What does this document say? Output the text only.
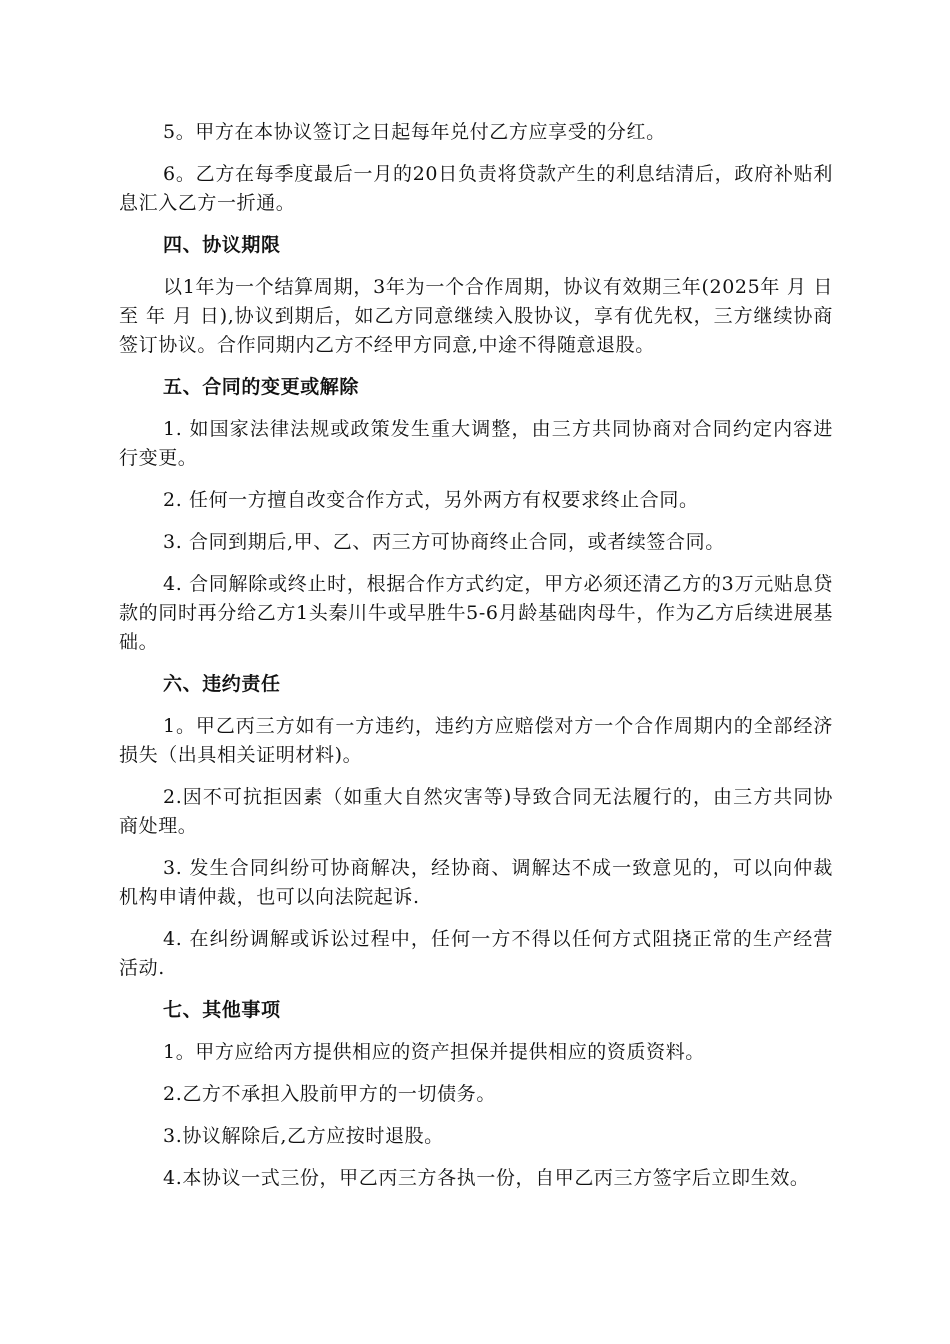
5。甲方在本协议签订之日起每年兑付乙方应享受的分红。

6。乙方在每季度最后一月的20日负责将贷款产生的利息结清后，政府补贴利息汇入乙方一折通。

四、协议期限

以1年为一个结算周期，3年为一个合作周期，协议有效期三年(2025年 月 日至 年 月 日),协议到期后，如乙方同意继续入股协议，享有优先权，三方继续协商签订协议。合作同期内乙方不经甲方同意,中途不得随意退股。

五、合同的变更或解除

1. 如国家法律法规或政策发生重大调整，由三方共同协商对合同约定内容进行变更。

2. 任何一方擅自改变合作方式，另外两方有权要求终止合同。

3. 合同到期后,甲、乙、丙三方可协商终止合同，或者续签合同。

4. 合同解除或终止时，根据合作方式约定，甲方必须还清乙方的3万元贴息贷款的同时再分给乙方1头秦川牛或早胜牛5-6月龄基础肉母牛，作为乙方后续进展基础。

六、违约责任

1。甲乙丙三方如有一方违约，违约方应赔偿对方一个合作周期内的全部经济损失（出具相关证明材料)。

2.因不可抗拒因素（如重大自然灾害等)导致合同无法履行的，由三方共同协商处理。

3. 发生合同纠纷可协商解决，经协商、调解达不成一致意见的，可以向仲裁机构申请仲裁，也可以向法院起诉.

4. 在纠纷调解或诉讼过程中，任何一方不得以任何方式阻挠正常的生产经营活动.

七、其他事项

1。甲方应给丙方提供相应的资产担保并提供相应的资质资料。

2.乙方不承担入股前甲方的一切债务。

3.协议解除后,乙方应按时退股。

4.本协议一式三份，甲乙丙三方各执一份，自甲乙丙三方签字后立即生效。
